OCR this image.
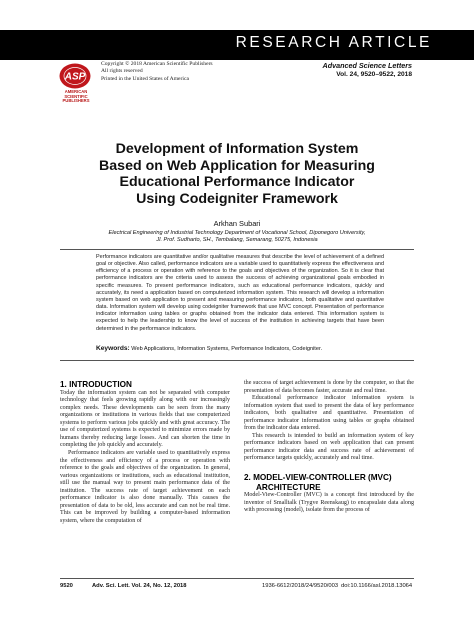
RESEARCH ARTICLE
ASP
AMERICAN
SCIENTIFIC
PUBLISHERS
Copyright © 2018 American Scientific Publishers
All rights reserved
Printed in the United States of America
Advanced Science Letters
Vol. 24, 9520–9522, 2018
Development of Information System
Based on Web Application for Measuring
Educational Performance Indicator
Using Codeigniter Framework
Arkhan Subari
Electrical Engineering of Industrial Technology Department of Vocational School, Diponegoro University,
Jl. Prof. Sudharto, SH., Tembalang, Semarang, 50275, Indonesia
Performance indicators are quantitative and/or qualitative measures that describe the level of achievement of a defined goal or objective. Also called, performance indicators are a variable used to quantitatively express the effectiveness and efficiency of a process or operation with reference to the goals and objectives of the organization. So it is clear that performance indicators are the criteria used to assess the success of achieving organizational goals embodied in specific measures. To present performance indicators, such as educational performance indicators, quickly and accurately, its need a application based on computerized information system. This research will develop a information system based on web application to present and measuring performance indicators, both qualitative and quantitative data. Information system will develop using codeigniter framework that use MVC concept. Presentation of performance indicator information using tables or graphs obtained from the indicator data entered. This information system is expected to help the leadership to know the level of success of the institution in achieving targets that have been determined in the performance indicators.
Keywords: Web Applications, Information Systems, Performance Indicators, Codeigniter.
1. INTRODUCTION

Today the information system can not be separated with computer technology that feels growing rapidly along with our increasingly complex needs. These developments can be seen from the many organizations or institutions in various fields that use computerized systems to perform various jobs quickly and with great accuracy. The use of computerized systems is expected to minimize errors made by humans thereby reducing large losses. And can shorten the time in completing the job quickly and accurately.

Performance indicators are variable used to quantitatively express the effectiveness and efficiency of a process or operation with reference to the goals and objectives of the organization. In general, various organizations or institutions, such as educational institution, still use the manual way to present main performance data of the institution. The success rate of target achievement on each performance indicator is also done manually. This causes the presentation of data to be old, less accurate and can not be real time. This can be improved by building a computer-based information system, where the computation of

the success of target achievement is done by the computer, so that the presentation of data becomes faster, accurate and real time.

Educational performance indicator information system is information system that used to present the data of key performance indicators, both qualitative and quantitative. Presentation of performance indicator information using tables or graphs obtained from the indicator data entered.

This research is intended to build an information system of key performance indicators based on web application that can present performance indicator data and success rate of achievement of performance targets quickly, accurately and real time.

2. MODEL-VIEW-CONTROLLER (MVC)
ARCHITECTURE

Model-View-Controller (MVC) is a concept first introduced by the inventor of Smalltalk (Trygve Reenskaug) to encapsulate data along with processing (model), isolate from the process of

9520	Adv. Sci. Lett. Vol. 24, No. 12, 2018	1936-6612/2018/24/9520/003 doi:10.1166/asl.2018.13064
